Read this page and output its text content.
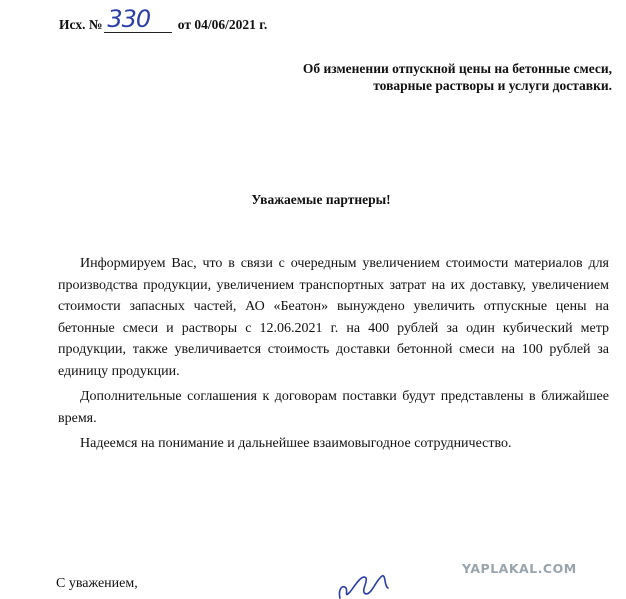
Исх. № 330 от 04/06/2021 г.
Об изменении отпускной цены на бетонные смеси,
товарные растворы и услуги доставки.
Уважаемые партнеры!

Информируем Вас, что в связи с очередным увеличением стоимости материалов для производства продукции, увеличением транспортных затрат на их доставку, увеличением стоимости запасных частей, АО «Беатон» вынуждено увеличить отпускные цены на бетонные смеси и растворы с 12.06.2021 г. на 400 рублей за один кубический метр продукции, также увеличивается стоимость доставки бетонной смеси на 100 рублей за единицу продукции.

Дополнительные соглашения к договорам поставки будут представлены в ближайшее время.

Надеемся на понимание и дальнейшее взаимовыгодное сотрудничество.

YAPLAKAL.COM
С уважением,
